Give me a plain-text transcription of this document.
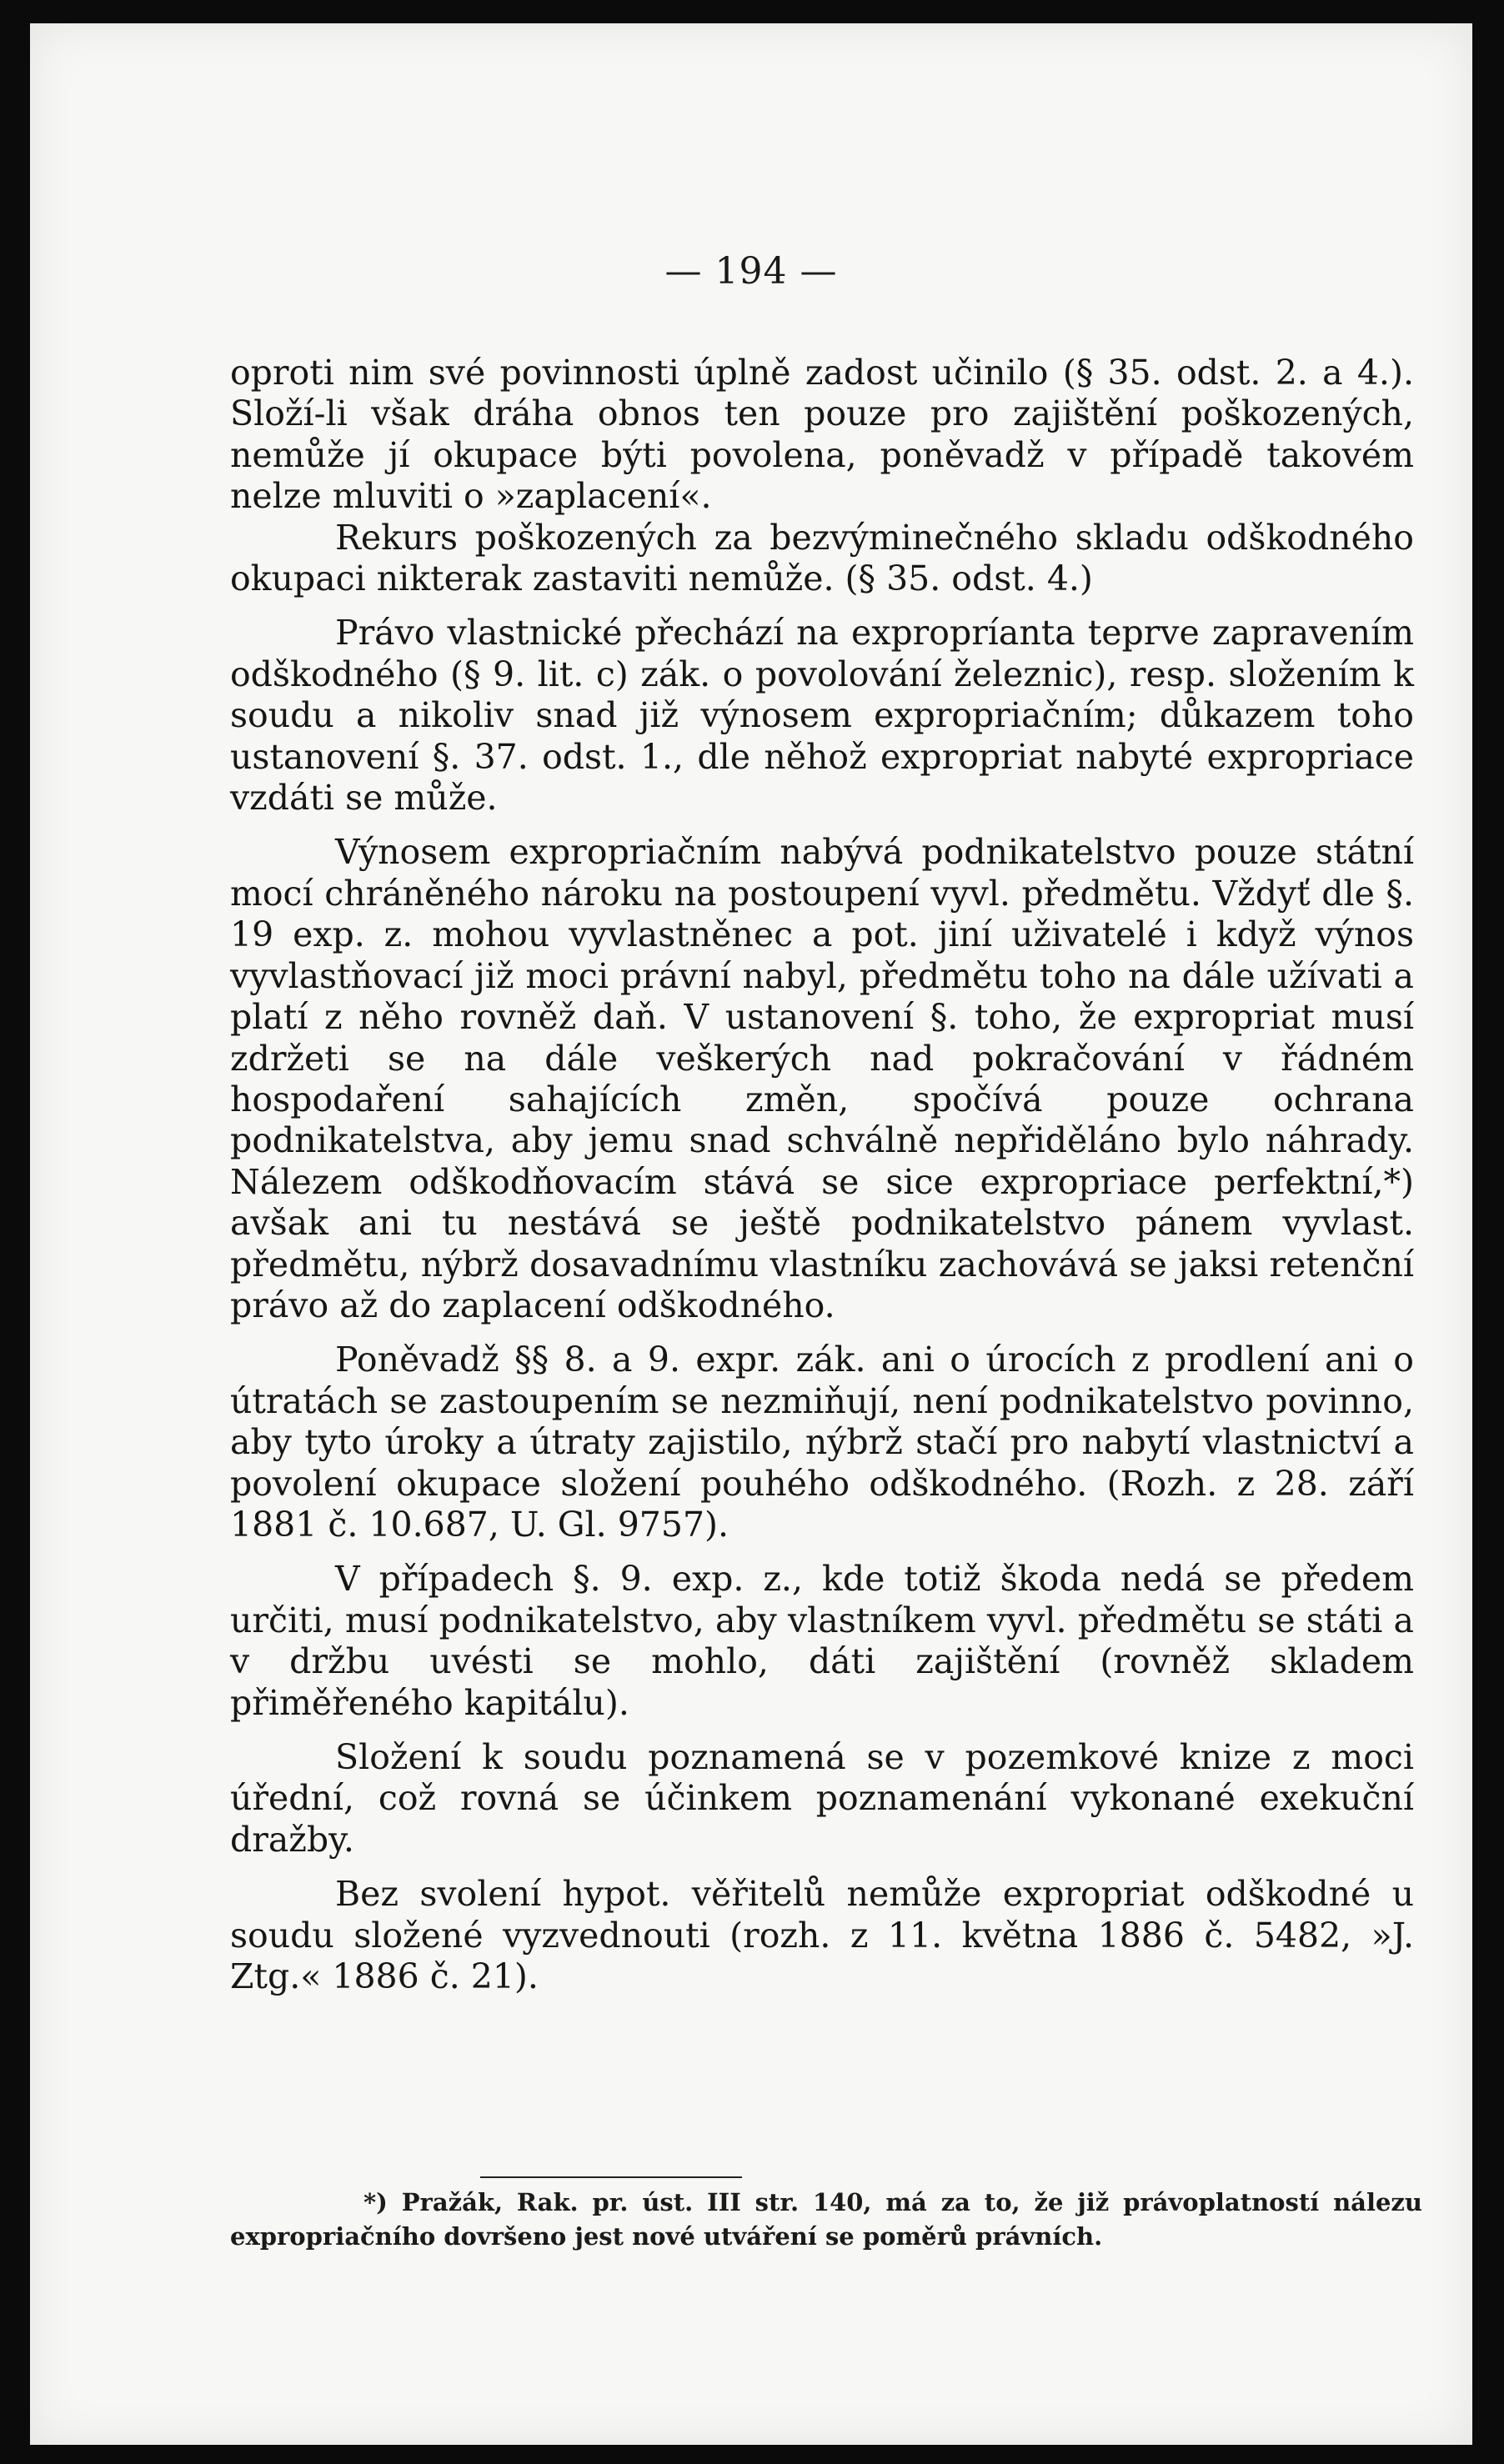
— 194 —

oproti nim své povinnosti úplně zadost učinilo (§ 35. odst. 2. a 4.). Složí-li však dráha obnos ten pouze pro zajištění poškozených, nemůže jí okupace býti povolena, poněvadž v případě takovém nelze mluviti o »zaplacení«.

Rekurs poškozených za bezvýminečného skladu odškodného okupaci nikterak zastaviti nemůže. (§ 35. odst. 4.)

Právo vlastnické přechází na expropríanta teprve zapravením odškodného (§ 9. lit. c) zák. o povolování železnic), resp. složením k soudu a nikoliv snad již výnosem expropriačním; důkazem toho ustanovení §. 37. odst. 1., dle něhož expropriat nabyté expropriace vzdáti se může.

Výnosem expropriačním nabývá podnikatelstvo pouze státní mocí chráněného nároku na postoupení vyvl. předmětu. Vždyť dle §. 19 exp. z. mohou vyvlastněnec a pot. jiní uživatelé i když výnos vyvlastňovací již moci právní nabyl, předmětu toho na dále užívati a platí z něho rovněž daň. V ustanovení §. toho, že expropriat musí zdržeti se na dále veškerých nad pokračování v řádném hospodaření sahajících změn, spočívá pouze ochrana podnikatelstva, aby jemu snad schválně nepřiděláno bylo náhrady. Nálezem odškodňovacím stává se sice expropriace perfektní,*) avšak ani tu nestává se ještě podnikatelstvo pánem vyvlast. předmětu, nýbrž dosavadnímu vlastníku zachovává se jaksi retenční právo až do zaplacení odškodného.

Poněvadž §§ 8. a 9. expr. zák. ani o úrocích z prodlení ani o útratách se zastoupením se nezmiňují, není podnikatelstvo povinno, aby tyto úroky a útraty zajistilo, nýbrž stačí pro nabytí vlastnictví a povolení okupace složení pouhého odškodného. (Rozh. z 28. září 1881 č. 10.687, U. Gl. 9757).

V případech §. 9. exp. z., kde totiž škoda nedá se předem určiti, musí podnikatelstvo, aby vlastníkem vyvl. předmětu se státi a v držbu uvésti se mohlo, dáti zajištění (rovněž skladem přiměřeného kapitálu).

Složení k soudu poznamená se v pozemkové knize z moci úřední, což rovná se účinkem poznamenání vykonané exekuční dražby.

Bez svolení hypot. věřitelů nemůže expropriat odškodné u soudu složené vyzvednouti (rozh. z 11. května 1886 č. 5482, »J. Ztg.« 1886 č. 21).

*) Pražák, Rak. pr. úst. III str. 140, má za to, že již právoplatností nálezu expropriačního dovršeno jest nové utváření se poměrů právních.
